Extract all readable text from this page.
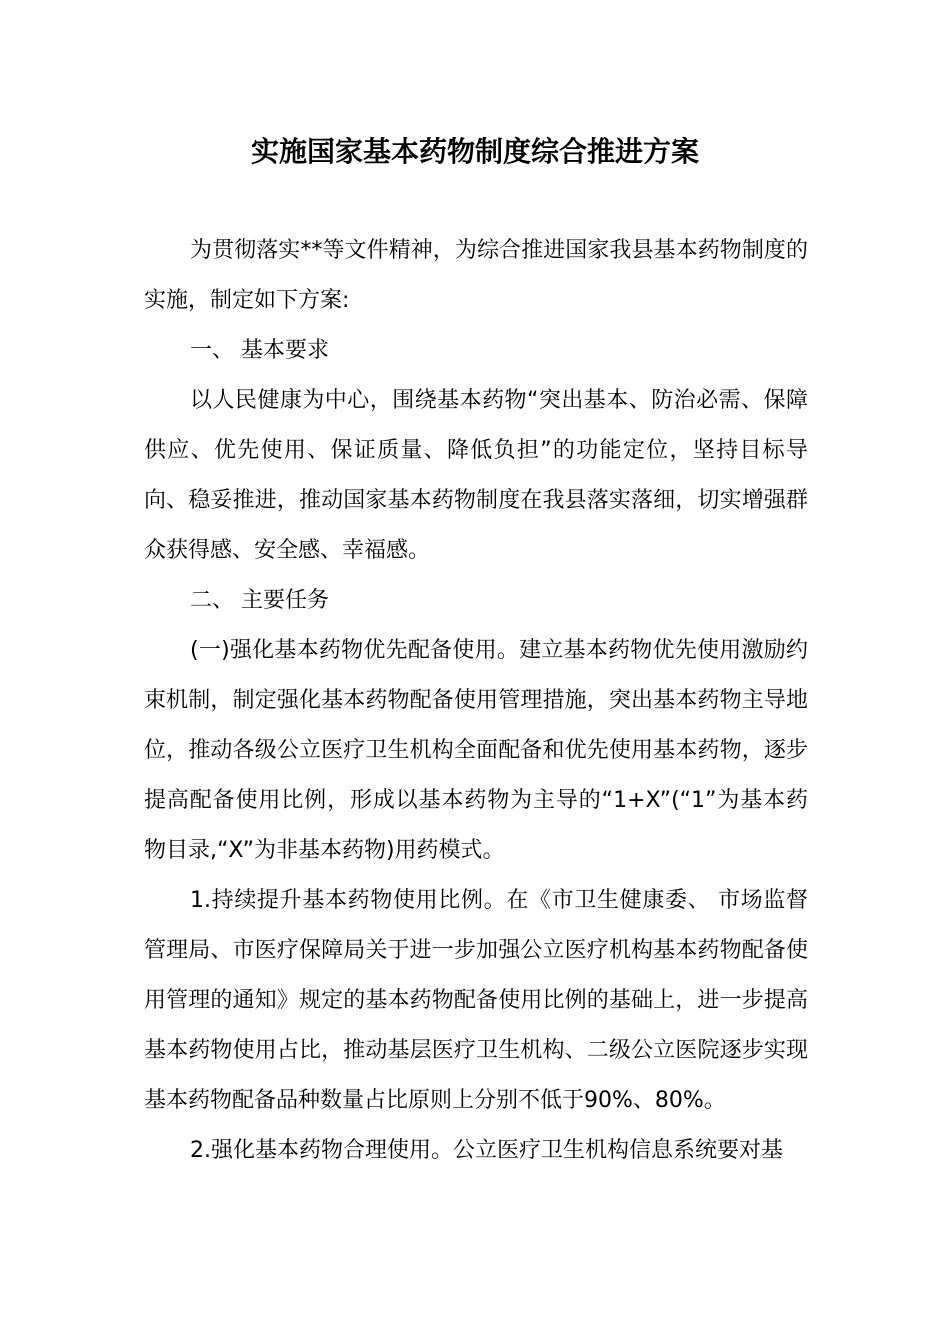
实施国家基本药物制度综合推进方案

为贯彻落实**等文件精神，为综合推进国家我县基本药物制度的实施，制定如下方案:

一、 基本要求

以人民健康为中心，围绕基本药物“突出基本、防治必需、保障供应、优先使用、保证质量、降低负担”的功能定位，坚持目标导向、稳妥推进，推动国家基本药物制度在我县落实落细，切实增强群众获得感、安全感、幸福感。

二、 主要任务

(一)强化基本药物优先配备使用。建立基本药物优先使用激励约束机制，制定强化基本药物配备使用管理措施，突出基本药物主导地位，推动各级公立医疗卫生机构全面配备和优先使用基本药物，逐步提高配备使用比例，形成以基本药物为主导的“1+X”(“1”为基本药物目录,“X”为非基本药物)用药模式。

1.持续提升基本药物使用比例。在《市卫生健康委、 市场监督管理局、市医疗保障局关于进一步加强公立医疗机构基本药物配备使用管理的通知》规定的基本药物配备使用比例的基础上，进一步提高基本药物使用占比，推动基层医疗卫生机构、二级公立医院逐步实现基本药物配备品种数量占比原则上分别不低于90%、80%。

2.强化基本药物合理使用。公立医疗卫生机构信息系统要对基
